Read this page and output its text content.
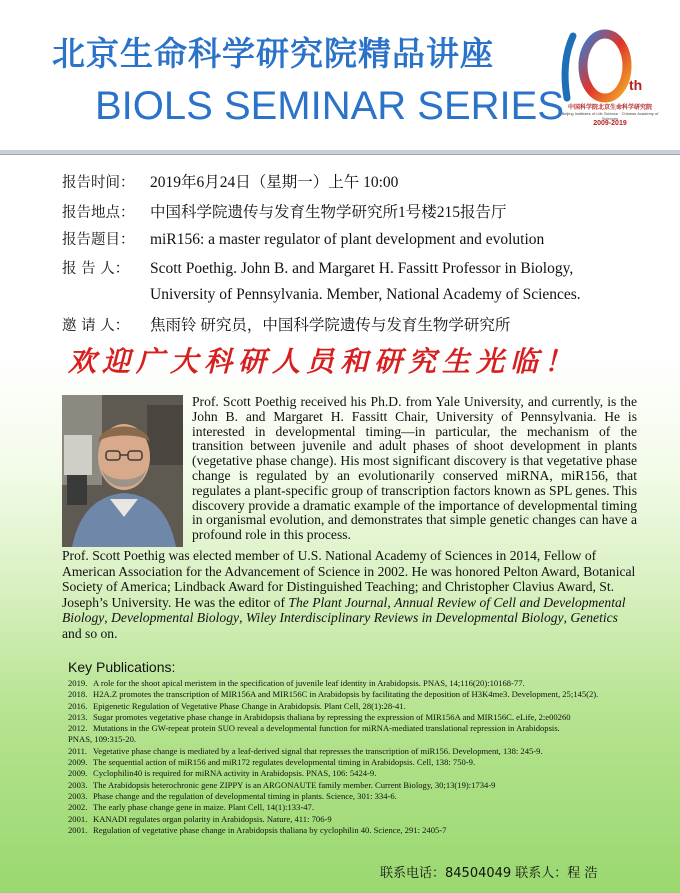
北京生命科学研究院精品讲座
BIOLS SEMINAR SERIES	th
中国科学院北京生命科学研究院
Beijing Institutes of Life Science · Chinese Academy of Sciences
2009-2019
报告时间： 2019年6月24日（星期一）上午 10:00
报告地点： 中国科学院遗传与发育生物学研究所1号楼215报告厅
报告题目： miR156: a master regulator of plant development and evolution
报 告 人： Scott Poethig. John B. and Margaret H. Fassitt Professor in Biology,
University of Pennsylvania. Member, National Academy of Sciences.
邀 请 人： 焦雨铃 研究员，中国科学院遗传与发育生物学研究所
欢迎广大科研人员和研究生光临！
Prof. Scott Poethig received his Ph.D. from Yale University, and currently, is the John B. and Margaret H. Fassitt Chair, University of Pennsylvania. He is interested in developmental timing—in particular, the mechanism of the transition between juvenile and adult phases of shoot development in plants (vegetative phase change). His most significant discovery is that vegetative phase change is regulated by an evolutionarily conserved miRNA, miR156, that regulates a plant-specific group of transcription factors known as SPL genes. This discovery provide a dramatic example of the importance of developmental timing in organismal evolution, and demonstrates that simple genetic changes can have a profound role in this process.
Prof. Scott Poethig was elected member of U.S. National Academy of Sciences in 2014, Fellow of American Association for the Advancement of Science in 2002. He was honored Pelton Award, Botanical Society of America; Lindback Award for Distinguished Teaching; and Christopher Clavius Award, St. Joseph’s University. He was the editor of The Plant Journal, Annual Review of Cell and Developmental Biology, Developmental Biology, Wiley Interdisciplinary Reviews in Developmental Biology, Genetics and so on.
Key Publications:
2019. A role for the shoot apical meristem in the specification of juvenile leaf identity in Arabidopsis. PNAS, 14;116(20):10168-77.
2018. H2A.Z promotes the transcription of MIR156A and MIR156C in Arabidopsis by facilitating the deposition of H3K4me3. Development, 25;145(2).
2016. Epigenetic Regulation of Vegetative Phase Change in Arabidopsis. Plant Cell, 28(1):28-41.
2013. Sugar promotes vegetative phase change in Arabidopsis thaliana by repressing the expression of MIR156A and MIR156C. eLife, 2:e00260
2012. Mutations in the GW-repeat protein SUO reveal a developmental function for miRNA-mediated translational repression in Arabidopsis.
PNAS, 109:315-20.
2011. Vegetative phase change is mediated by a leaf-derived signal that represses the transcription of miR156. Development, 138: 245-9.
2009. The sequential action of miR156 and miR172 regulates developmental timing in Arabidopsis. Cell, 138: 750-9.
2009. Cyclophilin40 is required for miRNA activity in Arabidopsis. PNAS, 106: 5424-9.
2003. The Arabidopsis heterochronic gene ZIPPY is an ARGONAUTE family member. Current Biology, 30;13(19):1734-9
2003. Phase change and the regulation of developmental timing in plants. Science, 301: 334-6.
2002. The early phase change gene in maize. Plant Cell, 14(1):133-47.
2001. KANADI regulates organ polarity in Arabidopsis. Nature, 411: 706-9
2001. Regulation of vegetative phase change in Arabidopsis thaliana by cyclophilin 40. Science, 291: 2405-7
联系电话：84504049 联系人：程 浩
